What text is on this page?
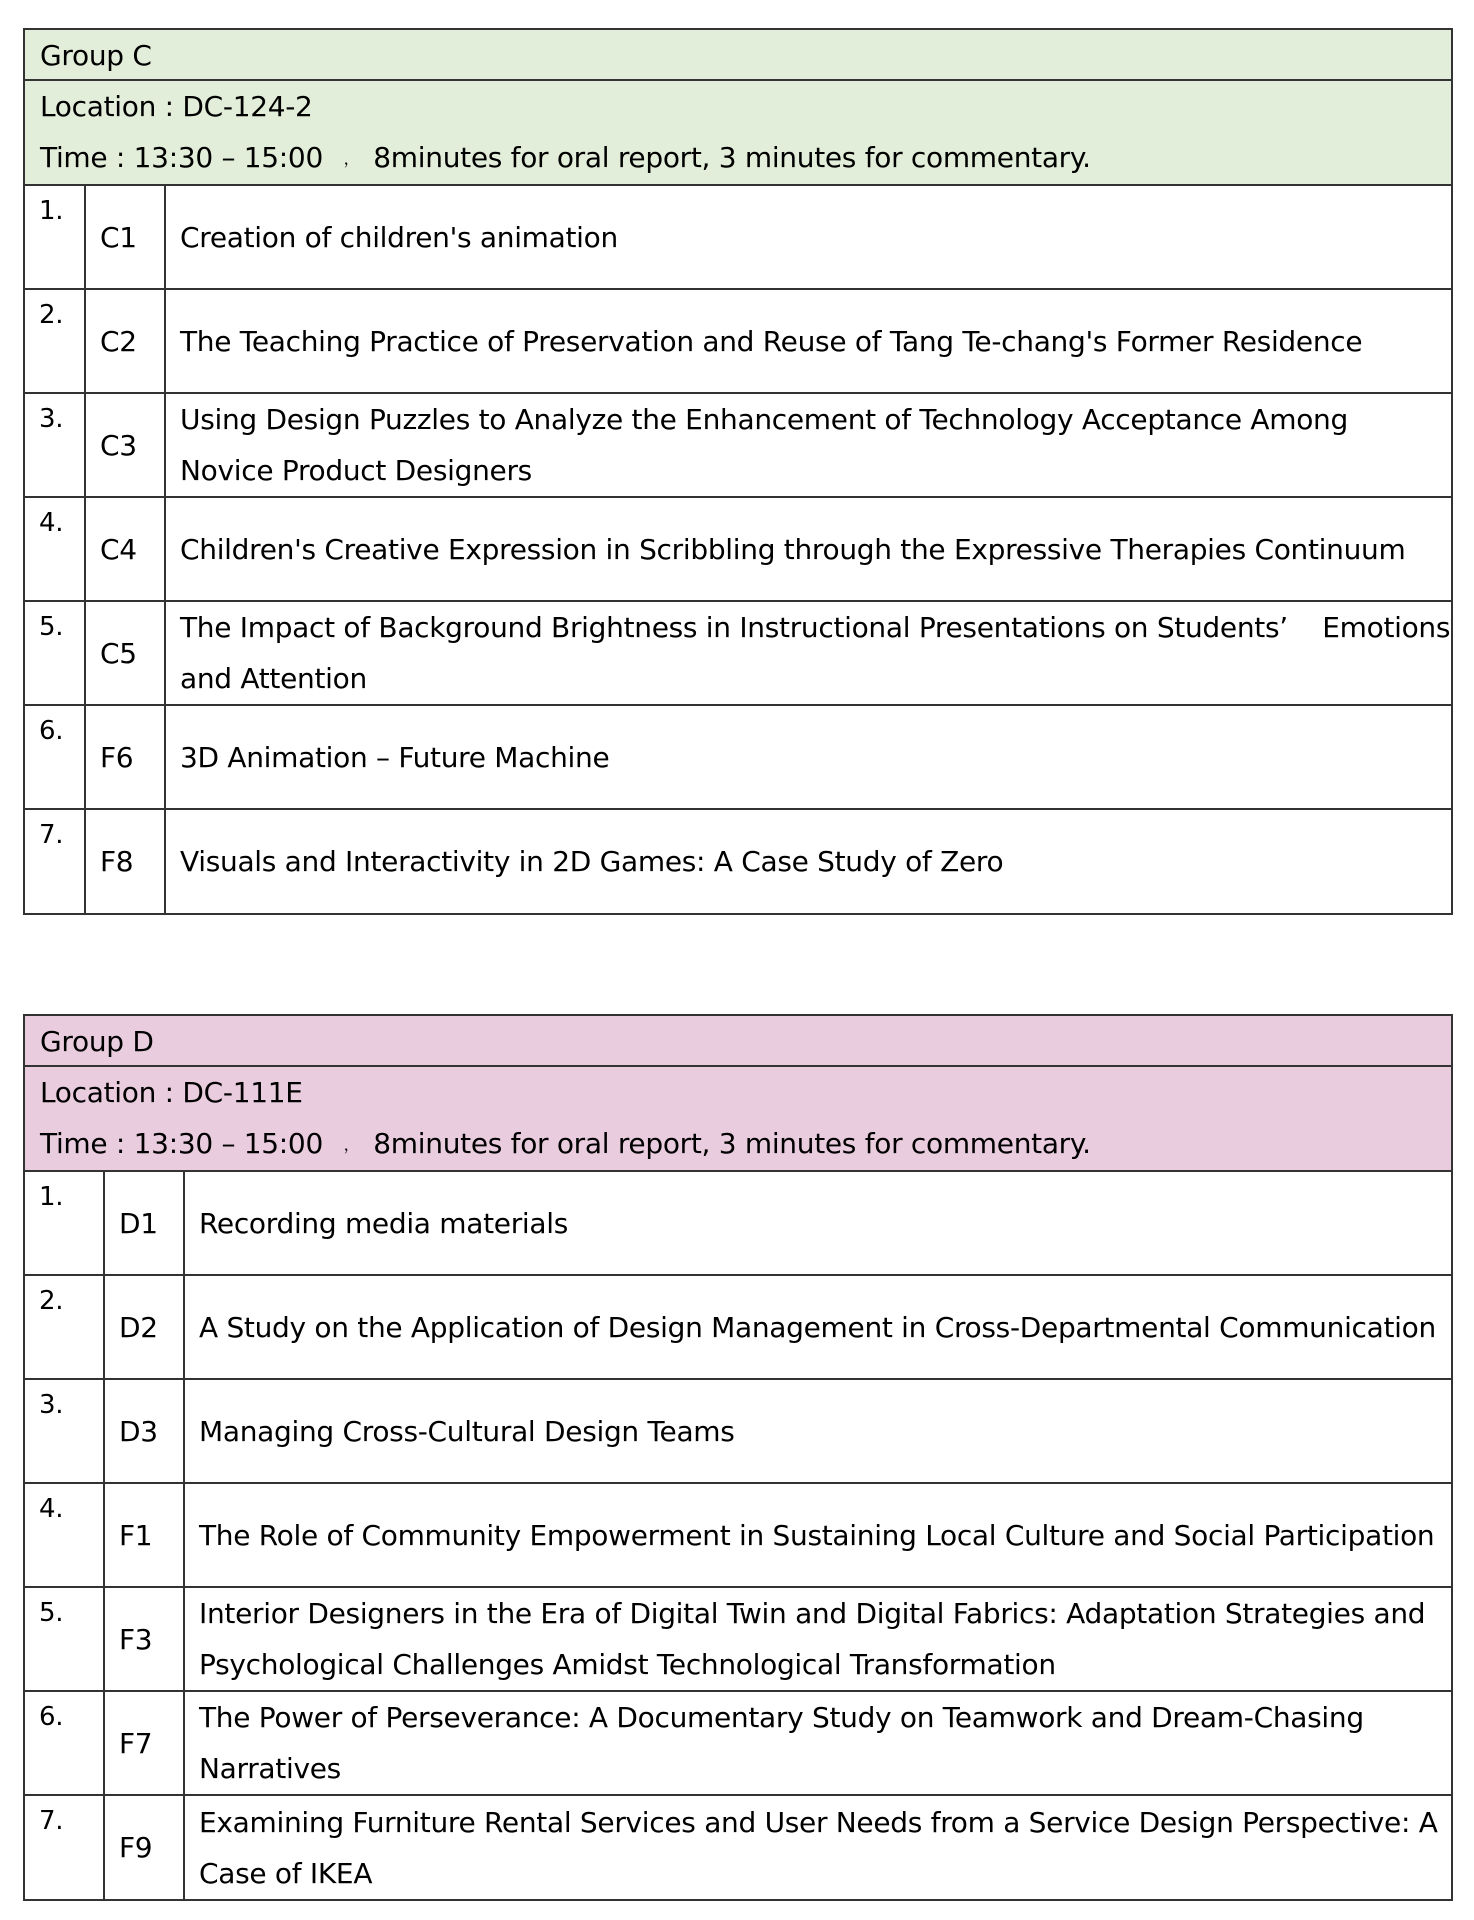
Group C
Location : DC-124-2
Time : 13:30 – 15:00 ， 8minutes for oral report, 3 minutes for commentary.
1.	C1	Creation of children's animation

2.	C2	The Teaching Practice of Preservation and Reuse of Tang Te-chang's Former Residence

3.	C3	Using Design Puzzles to Analyze the Enhancement of Technology Acceptance Among
Novice Product Designers

4.	C4	Children's Creative Expression in Scribbling through the Expressive Therapies Continuum

5.	C5	The Impact of Background Brightness in Instructional Presentations on Students’    Emotions
and Attention

6.	F6	3D Animation – Future Machine

7.	F8	Visuals and Interactivity in 2D Games: A Case Study of Zero
Group D
Location : DC-111E
Time : 13:30 – 15:00 ， 8minutes for oral report, 3 minutes for commentary.
1.	D1	Recording media materials

2.	D2	A Study on the Application of Design Management in Cross-Departmental Communication

3.	D3	Managing Cross-Cultural Design Teams

4.	F1	The Role of Community Empowerment in Sustaining Local Culture and Social Participation

5.	F3	Interior Designers in the Era of Digital Twin and Digital Fabrics: Adaptation Strategies and
Psychological Challenges Amidst Technological Transformation

6.	F7	The Power of Perseverance: A Documentary Study on Teamwork and Dream-Chasing
Narratives

7.	F9	Examining Furniture Rental Services and User Needs from a Service Design Perspective: A
Case of IKEA
